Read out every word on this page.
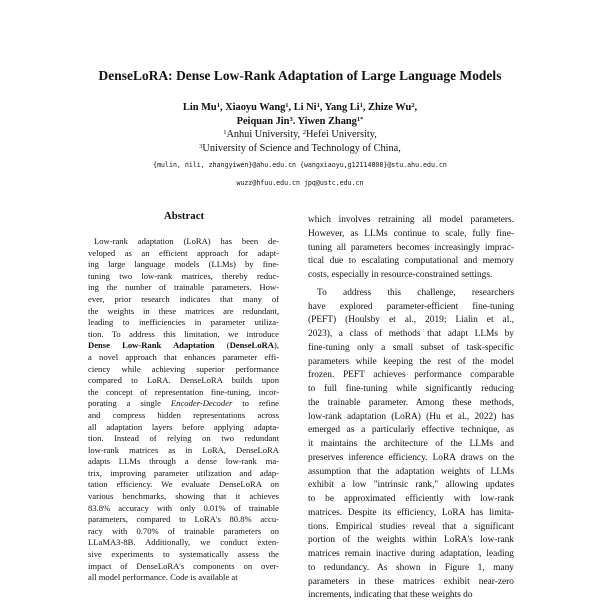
DenseLoRA: Dense Low-Rank Adaptation of Large Language Models
Lin Mu$^1$, Xiaoyu Wang$^1$, Li Ni$^1$, Yang Li$^1$, Zhize Wu$^2$,
Peiquan Jin$^3$. Yiwen Zhang$^{1*}$
$^1$Anhui University, $^2$Hefei University,
$^3$University of Science and Technology of China,
{mulin, nili, zhangyiwen}@ahu.edu.cn {wangxiaoyu,g12114008}@stu.ahu.edu.cn
wuzz@hfuu.edu.cn jpq@ustc.edu.cn
Abstract
Low-rank adaptation (LoRA) has been de-
veloped as an efficient approach for adapt-
ing large language models (LLMs) by fine-
tuning two low-rank matrices, thereby reduc-
ing the number of trainable parameters. How-
ever, prior research indicates that many of
the weights in these matrices are redundant,
leading to inefficiencies in parameter utiliza-
tion. To address this limitation, we introduce
Dense Low-Rank Adaptation (DenseLoRA),
a novel approach that enhances parameter effi-
ciency while achieving superior performance
compared to LoRA. DenseLoRA builds upon
the concept of representation fine-tuning, incor-
porating a single Encoder-Decoder to refine
and compress hidden representations across
all adaptation layers before applying adapta-
tion. Instead of relying on two redundant
low-rank matrices as in LoRA, DenseLoRA
adapts LLMs through a dense low-rank ma-
trix, improving parameter utilization and adap-
tation efficiency. We evaluate DenseLoRA on
various benchmarks, showing that it achieves
83.8% accuracy with only 0.01% of trainable
parameters, compared to LoRA's 80.8% accu-
racy with 0.70% of trainable parameters on
LLaMA3-8B. Additionally, we conduct exten-
sive experiments to systematically assess the
impact of DenseLoRA's components on over-
all model performance. Code is available at
which involves retraining all model parameters.
However, as LLMs continue to scale, fully fine-
tuning all parameters becomes increasingly imprac-
tical due to escalating computational and memory
costs, especially in resource-constrained settings.
To address this challenge, researchers
have explored parameter-efficient fine-tuning
(PEFT) (Houlsby et al., 2019; Lialin et al.,
2023), a class of methods that adapt LLMs by
fine-tuning only a small subset of task-specific
parameters while keeping the rest of the model
frozen. PEFT achieves performance comparable
to full fine-tuning while significantly reducing
the trainable parameter. Among these methods,
low-rank adaptation (LoRA) (Hu et al., 2022) has
emerged as a particularly effective technique, as
it maintains the architecture of the LLMs and
preserves inference efficiency. LoRA draws on the
assumption that the adaptation weights of LLMs
exhibit a low "intrinsic rank," allowing updates
to be approximated efficiently with low-rank
matrices. Despite its efficiency, LoRA has limita-
tions. Empirical studies reveal that a significant
portion of the weights within LoRA's low-rank
matrices remain inactive during adaptation, leading
to redundancy. As shown in Figure 1, many
parameters in these matrices exhibit near-zero
increments, indicating that these weights do
